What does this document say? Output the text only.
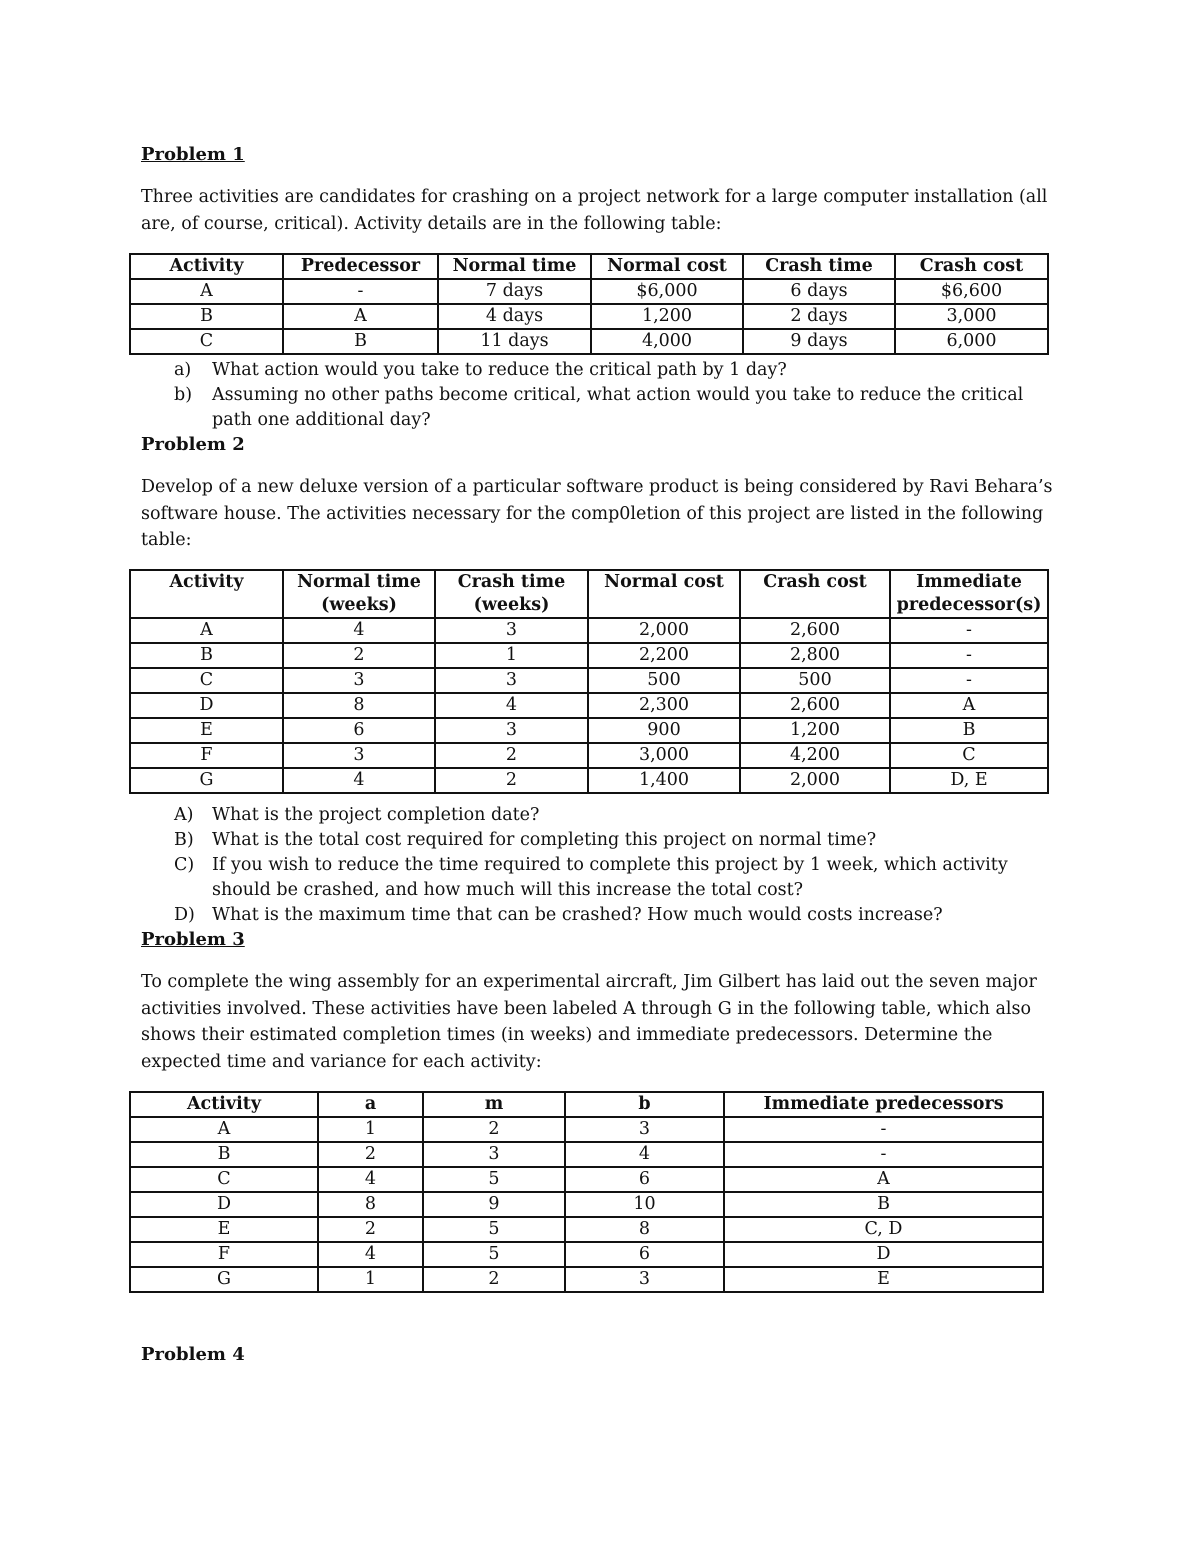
Problem 1

Three activities are candidates for crashing on a project network for a large computer installation (all are, of course, critical). Activity details are in the following table:

Activity	Predecessor	Normal time	Normal cost	Crash time	Crash cost
A	-	7 days	$6,000	6 days	$6,600
B	A	4 days	1,200	2 days	3,000
C	B	11 days	4,000	9 days	6,000
a) What action would you take to reduce the critical path by 1 day?
b) Assuming no other paths become critical, what action would you take to reduce the critical path one additional day?
Problem 2

Develop of a new deluxe version of a particular software product is being considered by Ravi Behara’s software house. The activities necessary for the comp0letion of this project are listed in the following table:

Activity	Normal time (weeks)	Crash time (weeks)	Normal cost	Crash cost	Immediate predecessor(s)
A	4	3	2,000	2,600	-
B	2	1	2,200	2,800	-
C	3	3	500	500	-
D	8	4	2,300	2,600	A
E	6	3	900	1,200	B
F	3	2	3,000	4,200	C
G	4	2	1,400	2,000	D, E
A) What is the project completion date?
B) What is the total cost required for completing this project on normal time?
C) If you wish to reduce the time required to complete this project by 1 week, which activity should be crashed, and how much will this increase the total cost?
D) What is the maximum time that can be crashed? How much would costs increase?
Problem 3

To complete the wing assembly for an experimental aircraft, Jim Gilbert has laid out the seven major activities involved. These activities have been labeled A through G in the following table, which also shows their estimated completion times (in weeks) and immediate predecessors. Determine the expected time and variance for each activity:

Activity	a	m	b	Immediate predecessors
A	1	2	3	-
B	2	3	4	-
C	4	5	6	A
D	8	9	10	B
E	2	5	8	C, D
F	4	5	6	D
G	1	2	3	E
Problem 4
